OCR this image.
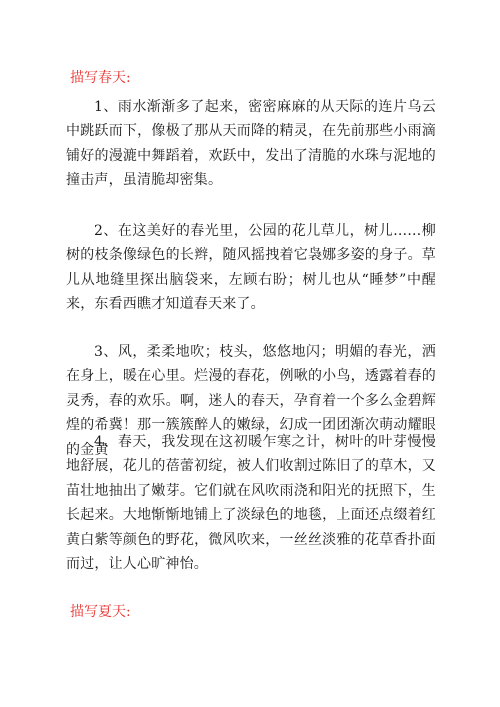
描写春天:
1、雨水渐渐多了起来，密密麻麻的从天际的连片乌云中跳跃而下，像极了那从天而降的精灵，在先前那些小雨滴铺好的漫漉中舞蹈着，欢跃中，发出了清脆的水珠与泥地的撞击声，虽清脆却密集。
2、在这美好的春光里，公园的花儿草儿，树儿……柳树的枝条像绿色的长辫，随风摇拽着它袅娜多姿的身子。草儿从地缝里探出脑袋来，左顾右盼；树儿也从“睡梦”中醒来，东看西瞧才知道春天来了。
3、风，柔柔地吹；枝头，悠悠地闪；明媚的春光，洒在身上，暖在心里。烂漫的春花，例啾的小鸟，透露着春的灵秀，春的欢乐。啊，迷人的春天，孕育着一个多么金碧辉煌的希冀！那一簇簇醉人的嫩绿，幻成一团团渐次萌动耀眼的金黄
4、春天，我发现在这初暖乍寒之计，树叶的叶芽慢慢地舒展，花儿的蓓蕾初绽，被人们收割过陈旧了的草木，又苗壮地抽出了嫩芽。它们就在风吹雨浇和阳光的抚照下，生长起来。大地惭惭地铺上了淡绿色的地毯，上面还点缀着红黄白紫等颜色的野花，微风吹来，一丝丝淡雅的花草香扑面而过，让人心旷神怡。
描写夏天:
